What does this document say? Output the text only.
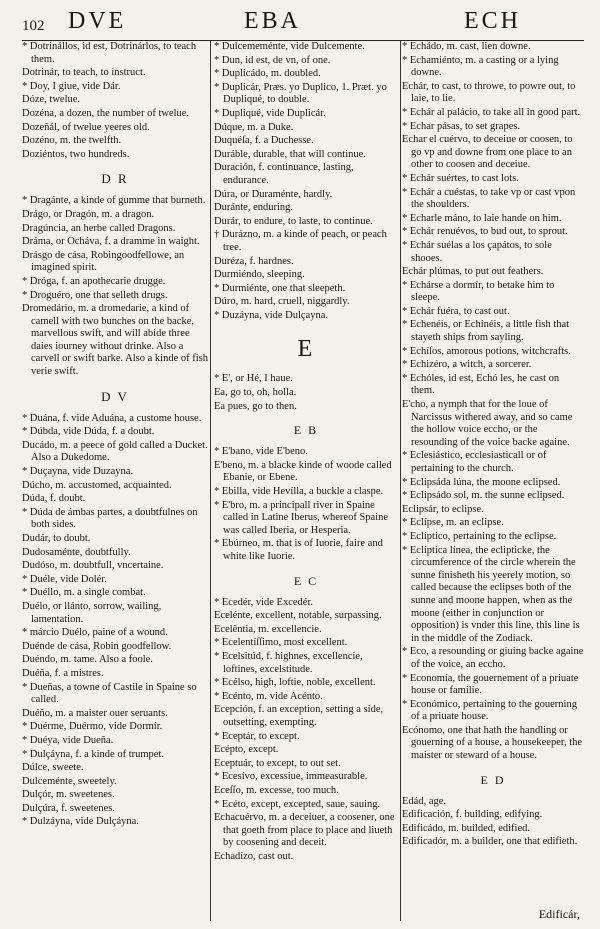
102 DVE	EBA	ECH
* Dotrinállos, id est, Dotrinárlos, to teach them.
Dotrinár, to teach, to instruct.
* Doy, I giue, vide Dár.
Dóze, twelue.
Dozéna, a dozen, the number of twelue.
Dozeñál, of twelue yeeres old.
Dozéno, m. the twelfth.
Doziéntos, two hundreds.
D R
* Dragánte, a kinde of gumme that burneth.
Drágo, or Dragón, m. a dragon.
Dragúncia, an herbe called Dragons.
Dráma, or Ocháva, f. a dramme in waight.
Drásgo de cása, Robingoodfellowe, an imagined spirit.
* Dróga, f. an apothecarie drugge.
* Droguéro, one that selleth drugs.
Dromedário, m. a dromedarie, a kind of camell with two bunches on the backe, marvellous swift, and will abide three daies iourney without drinke. Also a carvell or swift barke. Also a kinde of fish verie swift.
D V
* Duána, f. vide Aduána, a custome house.
* Dúbda, vide Dúda, f. a doubt.
Ducádo, m. a peece of gold called a Ducket. Also a Dukedome.
* Duçayna, vide Duzayna.
Dúcho, m. accustomed, acquainted.
Dúda, f. doubt.
* Dúda de ámbas partes, a doubtfulnes on both sides.
Dudár, to doubt.
Dudosaménte, doubtfully.
Dudóso, m. doubtfull, vncertaine.
* Duéle, vide Dolér.
* Duéllo, m. a single combat.
Duélo, or llánto, sorrow, wailing, lamentation.
* márcio Duélo, paine of a wound.
Duénde de cása, Robin goodfellow.
Duéndo, m. tame. Also a foole.
Duéña, f. a mistres.
* Dueñas, a towne of Castile in Spaine so called.
Duéño, m. a maister ouer seruants.
* Duérme, Duérmo, vide Dormír.
* Duéya, vide Dueña.
* Dulçáyna, f. a kinde of trumpet.
Dúlce, sweete.
Dulceménte, sweetely.
Dulçór, m. sweetenes.
Dulçúra, f. sweetenes.
* Dulzáyna, vide Dulçáyna.
* Dulcememénte, vide Dulcemente.
* Dun, id est, de vn, of one.
* Duplicádo, m. doubled.
* Duplicár, Præs. yo Duplico, 1. Præt. yo Dupliqué, to double.
* Dupliqué, vide Duplicár.
Dúque, m. a Duke.
Duquéſa, f. a Duchesse.
Duráble, durable, that will continue.
Duración, f. continuance, lasting, endurance.
Dúra, or Duraménte, hardly.
Duránte, enduring.
Durár, to endure, to laste, to continue.
† Durázno, m. a kinde of peach, or peach tree.
Duréza, f. hardnes.
Durmiéndo, sleeping.
* Durmiénte, one that sleepeth.
Dúro, m. hard, cruell, niggardly.
* Duzáyna, vide Dulçayna.
E
* E', or Hé, I haue.
Ea, go to, oh, holla.
Ea pues, go to then.
E B
* E'bano, vide E'beno.
E'beno, m. a blacke kinde of woode called Ebanie, or Ebene.
* Ebilla, vide Hevílla, a buckle a claspe.
* E'bro, m. a principall river in Spaine called in Latine Iberus, whereof Spaine was called Iberia, or Hesperia.
* Ebúrneo, m. that is of Iuorie, faire and white like Iuorie.
E C
* Ecedér, vide Excedér.
Ecelénte, excellent, notable, surpassing.
Ecelêntia, m. excellencie.
* Ecelentíſſimo, most excellent.
* Ecelsitúd, f. highnes, excellencie, loftines, excelstitude.
* Ecélso, high, loftie, noble, excellent.
* Ecénto, m. vide Acénto.
Ecepción, f. an exception, setting a side, outsetting, exempting.
* Eceptár, to except.
Ecépto, except.
Eceptuár, to except, to out set.
* Ecesívo, excessiue, immeasurable.
Eceſſo, m. excesse, too much.
* Ecéto, except, excepted, saue, sauing.
Echacuérvo, m. a deceiuer, a coosener, one that goeth from place to place and liueth by coosening and deceit.
Echadízo, cast out.
* Echádo, m. cast, lien downe.
* Echamiénto, m. a casting or a lying downe.
Echár, to cast, to throwe, to powre out, to laie, to lie.
* Echár al palácio, to take all in good part.
* Echar pásas, to set grapes.
Echar el cuérvo, to deceiue or coosen, to go vp and downe from one place to an other to coosen and deceiue.
* Echár suértes, to cast lots.
* Echár a cuéstas, to take vp or cast vpon the shoulders.
* Echarle máno, to laie hande on him.
* Echár renuévos, to bud out, to sprout.
* Echár suélas a los çapátos, to sole shooes.
Echár plúmas, to put out feathers.
* Echárse a dormír, to betake him to sleepe.
* Echár fuéra, to cast out.
* Echenéis, or Echinéis, a little fish that stayeth ships from sayling.
* Echíſos, amorous potions, witchcrafts.
* Echizéro, a witch, a sorcerer.
* Echóles, id est, Echó les, he cast on them.
E'cho, a nymph that for the loue of Narcissus withered away, and so came the hollow voice eccho, or the resounding of the voice backe againe.
* Eclesiástico, ecclesiasticall or of pertaining to the church.
* Eclipsáda lúna, the moone eclipsed.
* Eclipsádo sol, m. the sunne eclipsed.
Eclipsár, to eclipse.
* Eclípse, m. an eclipse.
* Eclíptico, pertaining to the eclipse.
* Eclíptica línea, the eclipticke, the circumference of the circle wherein the sunne finisheth his yeerely motion, so called because the eclipses both of the sunne and moone happen, when as the moone (either in conjunction or opposition) is vnder this line, this line is in the middle of the Zodiack.
* Eco, a resounding or giuing backe againe of the voice, an eccho.
* Economía, the gouernement of a priuate house or familie.
* Económico, pertaining to the gouerning of a priuate house.
Ecónomo, one that hath the handling or gouerning of a house, a housekeeper, the maister or steward of a house.
E D
Edád, age.
Edificación, f. building, edifying.
Edificádo, m. builded, edified.
Edificadór, m. a builder, one that edifieth.
Edificár,
